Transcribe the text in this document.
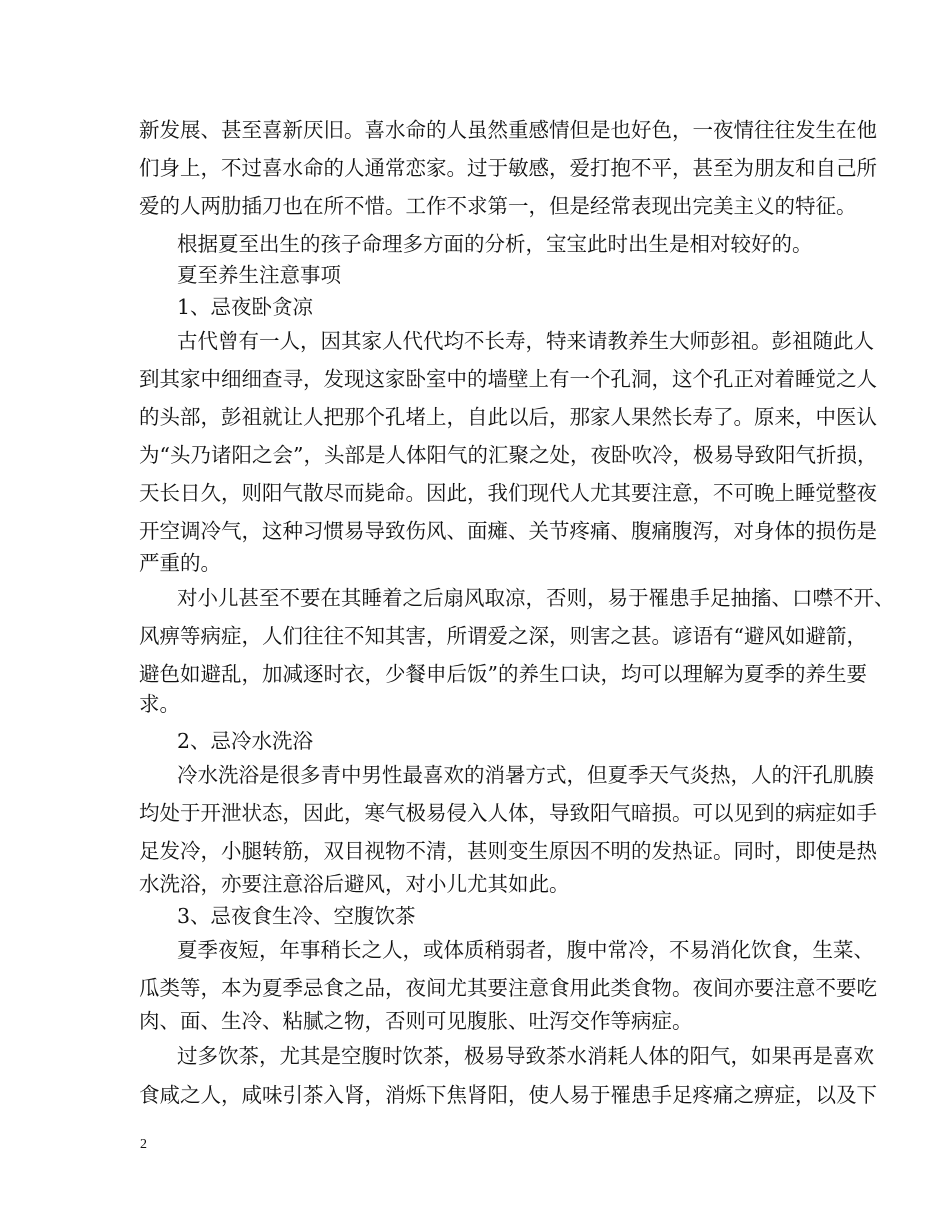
新发展、甚至喜新厌旧。喜水命的人虽然重感情但是也好色，一夜情往往发生在他
们身上，不过喜水命的人通常恋家。过于敏感，爱打抱不平，甚至为朋友和自己所
爱的人两肋插刀也在所不惜。工作不求第一，但是经常表现出完美主义的特征。
根据夏至出生的孩子命理多方面的分析，宝宝此时出生是相对较好的。
夏至养生注意事项
1、忌夜卧贪凉
古代曾有一人，因其家人代代均不长寿，特来请教养生大师彭祖。彭祖随此人
到其家中细细查寻，发现这家卧室中的墙壁上有一个孔洞，这个孔正对着睡觉之人
的头部，彭祖就让人把那个孔堵上，自此以后，那家人果然长寿了。原来，中医认
为“头乃诸阳之会”，头部是人体阳气的汇聚之处，夜卧吹冷，极易导致阳气折损，
天长日久，则阳气散尽而毙命。因此，我们现代人尤其要注意，不可晚上睡觉整夜
开空调冷气，这种习惯易导致伤风、面瘫、关节疼痛、腹痛腹泻，对身体的损伤是
严重的。
对小儿甚至不要在其睡着之后扇风取凉，否则，易于罹患手足抽搐、口噤不开、
风痹等病症，人们往往不知其害，所谓爱之深，则害之甚。谚语有“避风如避箭，
避色如避乱，加减逐时衣，少餐申后饭”的养生口诀，均可以理解为夏季的养生要
求。
2、忌冷水洗浴
冷水洗浴是很多青中男性最喜欢的消暑方式，但夏季天气炎热，人的汗孔肌腠
均处于开泄状态，因此，寒气极易侵入人体，导致阳气暗损。可以见到的病症如手
足发冷，小腿转筋，双目视物不清，甚则变生原因不明的发热证。同时，即使是热
水洗浴，亦要注意浴后避风，对小儿尤其如此。
3、忌夜食生冷、空腹饮茶
夏季夜短，年事稍长之人，或体质稍弱者，腹中常冷，不易消化饮食，生菜、
瓜类等，本为夏季忌食之品，夜间尤其要注意食用此类食物。夜间亦要注意不要吃
肉、面、生冷、粘腻之物，否则可见腹胀、吐泻交作等病症。
过多饮茶，尤其是空腹时饮茶，极易导致茶水消耗人体的阳气，如果再是喜欢
食咸之人，咸味引茶入肾，消烁下焦肾阳，使人易于罹患手足疼痛之痹症，以及下
2
